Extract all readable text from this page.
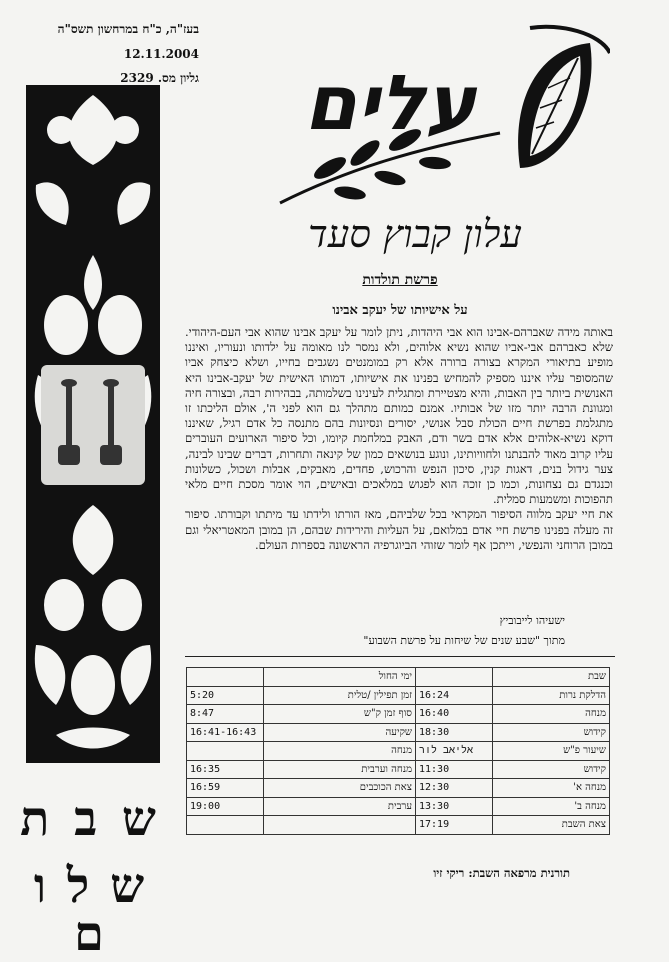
בעז"ה, כ"ח במרחשון תשס"ה
12.11.2004
גליון מס. 2329
ש ב ת
ש ל ו ם
עלים
עלון קבוץ סעד
פרשת תולדות
על אישיותו של יעקב אבינו

באותה מידה שאברהם-אבינו הוא אבי היהדות, ניתן לומר על יעקב אבינו שהוא אבי העם-היהודי. שלא כאברהם אבי-אביו שהוא נשיא אלוהים, ולא נמסר לנו מאומה על ילדותו ונעוריו, ואיננו מופיע בתיאורי המקרא בצורה ברורה אלא רק במומנטים נשגבים בחייו, ושלא כיצחק אביו שהמסופר עליו איננו מספיק להמחיש בפנינו את אישיותו, דמותו האישית של יעקב-אבינו היא האנושית ביותר בין האבות, והיא מצטיירת ומתגלית לעינינו בשלמותה, בבהירות רבה, ובצורה חיה ומגוונת הרבה יותר מזו של אבותיו. אמנם כמותם מתהלך גם הוא לפני ה', אולם הליכתו זו מתגלמת בפרשת חיים הכולת סבל אנושי, יסורים ונסיונות בהם מתנסה כל אדם רגיל, שאיננו דוקא נשיא-אלוהים אלא אדם בשר ודם, האבק במלחמת קיומו, וכל סיפור הארועים העוברים עליו קרוב מאוד להבנתנו ולחוויותינו, ונוגע בנושאים כמון של קינאה ותחרות, דברים שבינו לבינה, צער גידול בנים, דאגות קנין, סיכון הנפש והרכוש, פחדים, מאבקים, אבלות ושכול, כשלונות וכנגדם גם נצחונות, וכמו כן זוכה הוא לפגוש במלאכים ובאישים, הוי אומר מסכת חיים מלאי תהפוכות ומשמעות סמלית.

את חיי יעקב מלווה הסיפור המקראי בכל שלביהם, מאז הורתו ולידתו עד מיתתו וקבורתו. סיפור זה מעלה בפנינו פרשת חיי אדם במלואם, על העליות והירידות שבהם, הן במובן המאטריאלי וגם במובן הרוחני והנפשי, וייתכן אף לומר שזוהי הביוגרפיה הראשונה בספרות העולם.

ישעיהו לייבוביץ
מתוך "שבע שנים של שיחות על פרשת השבוע"
שבת		ימי החול	
הדלקת נרות	16:24	זמן תפילין /טלית	5:20
מנחה	16:40	סוף זמן ק"ש	8:47
קידוש	18:30	שקיעה	16:41-16:43
שיעור פ"ש	אליאב לור	מנחה	
קידוש	11:30	מנחה וערבית	16:35
מנחה א'	12:30	צאת הכוכבים	16:59
מנחה ב'	13:30	ערבית	19:00
צאת השבת	17:19		
תורנית מרפאה השבת: ריקי זיו
